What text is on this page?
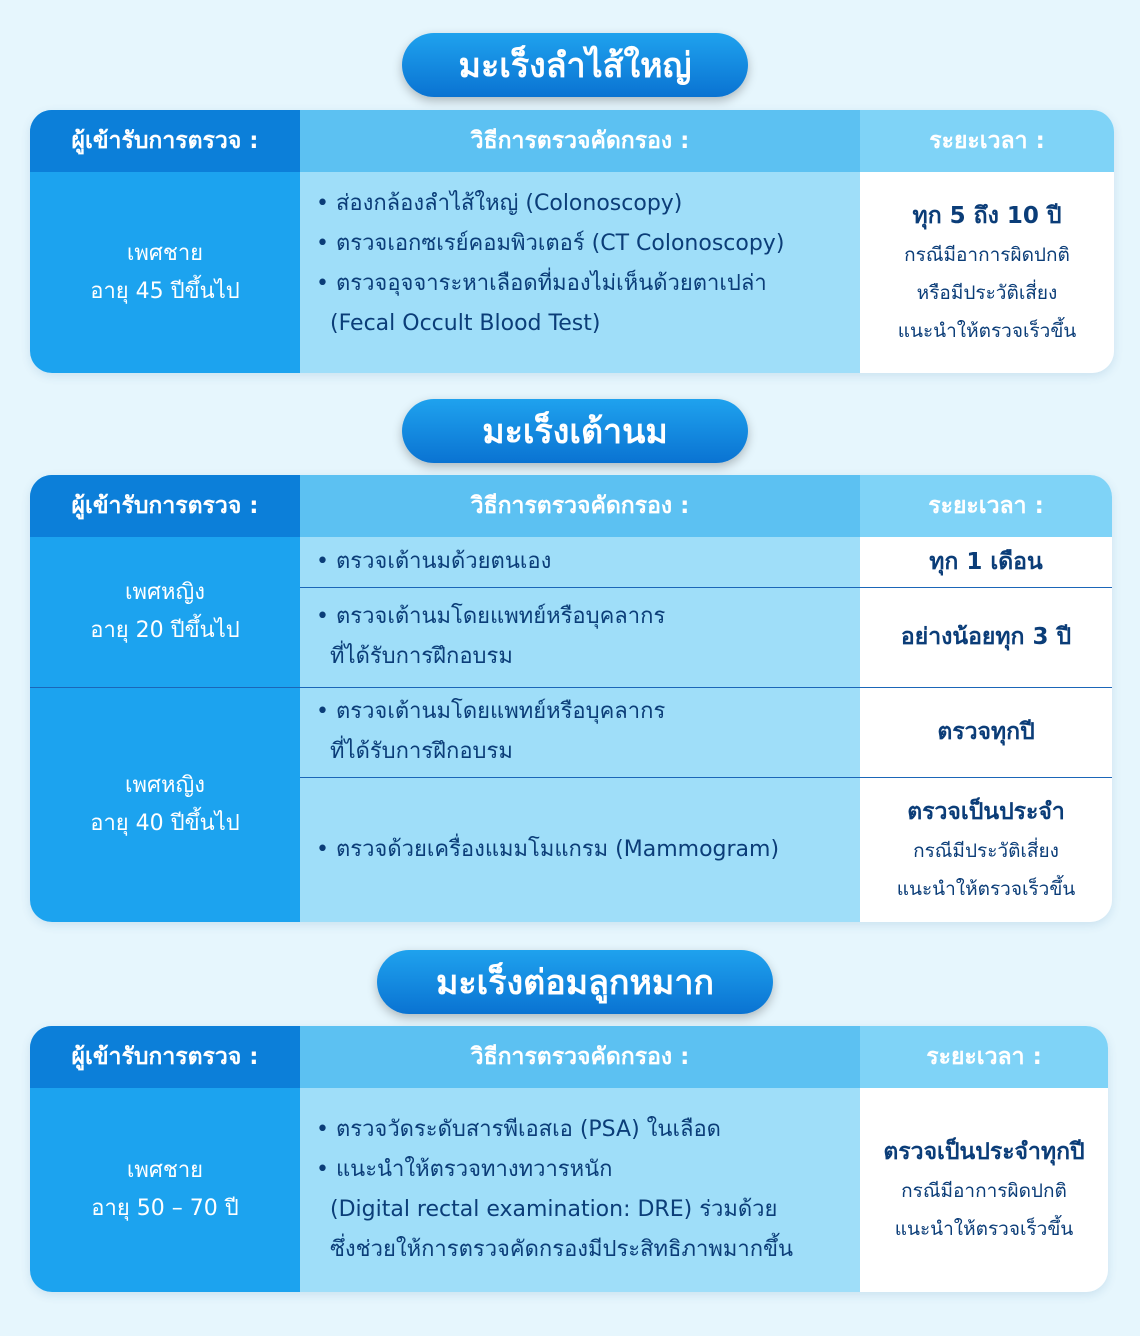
มะเร็งลำไส้ใหญ่
ผู้เข้ารับการตรวจ :
เพศชาย
อายุ 45 ปีขึ้นไป
วิธีการตรวจคัดกรอง :
• ส่องกล้องลำไส้ใหญ่ (Colonoscopy)
• ตรวจเอกซเรย์คอมพิวเตอร์ (CT Colonoscopy)
• ตรวจอุจจาระหาเลือดที่มองไม่เห็นด้วยตาเปล่า
(Fecal Occult Blood Test)
ระยะเวลา :
ทุก 5 ถึง 10 ปี
กรณีมีอาการผิดปกติ
หรือมีประวัติเสี่ยง
แนะนำให้ตรวจเร็วขึ้น
มะเร็งเต้านม
ผู้เข้ารับการตรวจ :
เพศหญิง
อายุ 20 ปีขึ้นไป
เพศหญิง
อายุ 40 ปีขึ้นไป
วิธีการตรวจคัดกรอง :
• ตรวจเต้านมด้วยตนเอง
• ตรวจเต้านมโดยแพทย์หรือบุคลากร
ที่ได้รับการฝึกอบรม
• ตรวจเต้านมโดยแพทย์หรือบุคลากร
ที่ได้รับการฝึกอบรม
• ตรวจด้วยเครื่องแมมโมแกรม (Mammogram)
ระยะเวลา :
ทุก 1 เดือน
อย่างน้อยทุก 3 ปี
ตรวจทุกปี
ตรวจเป็นประจำ
กรณีมีประวัติเสี่ยง
แนะนำให้ตรวจเร็วขึ้น
มะเร็งต่อมลูกหมาก
ผู้เข้ารับการตรวจ :
เพศชาย
อายุ 50 – 70 ปี
วิธีการตรวจคัดกรอง :
• ตรวจวัดระดับสารพีเอสเอ (PSA) ในเลือด
• แนะนำให้ตรวจทางทวารหนัก
(Digital rectal examination: DRE) ร่วมด้วย
ซึ่งช่วยให้การตรวจคัดกรองมีประสิทธิภาพมากขึ้น
ระยะเวลา :
ตรวจเป็นประจำทุกปี
กรณีมีอาการผิดปกติ
แนะนำให้ตรวจเร็วขึ้น
